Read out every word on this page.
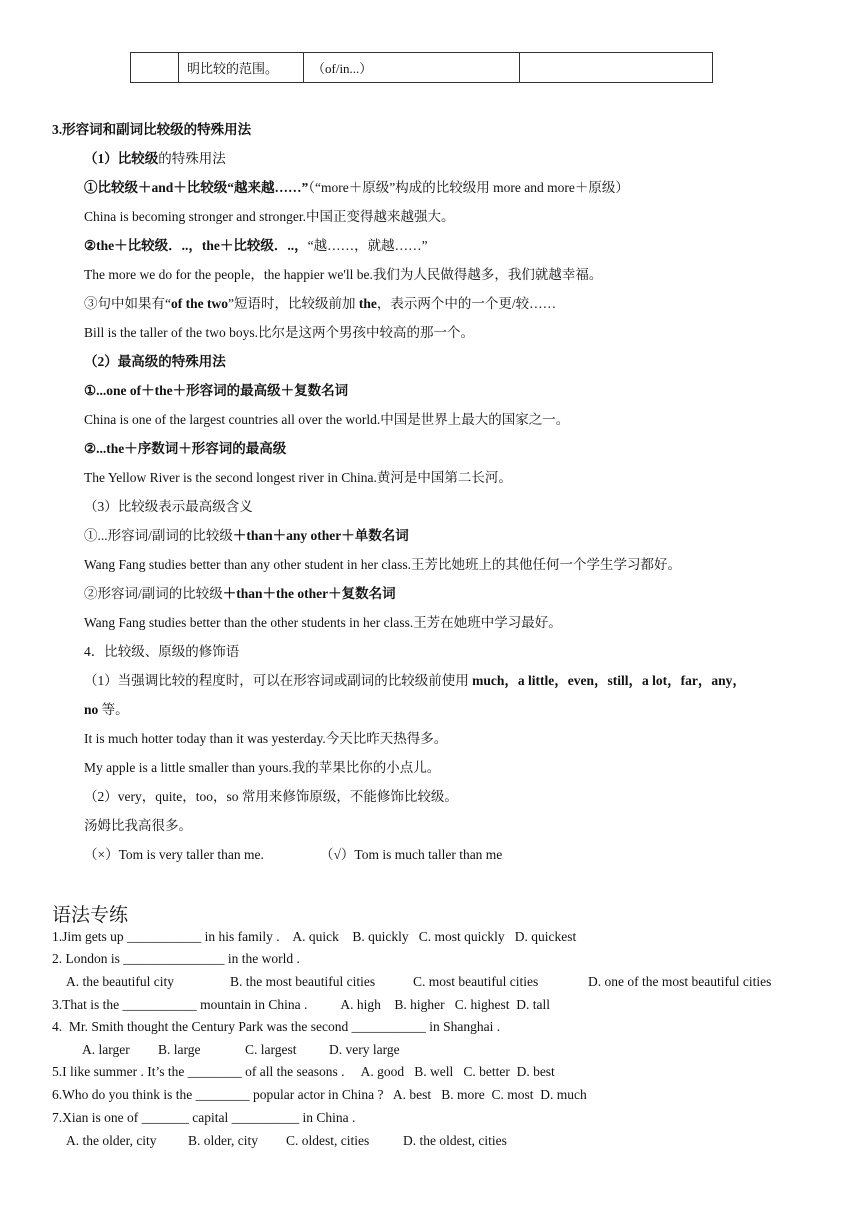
	明比较的范围。	（of/in...）	
3.形容词和副词比较级的特殊用法
（1）比较级的特殊用法
①比较级＋and＋比较级“越来越……”（“more＋原级”构成的比较级用 more and more＋原级）
China is becoming stronger and stronger.中国正变得越来越强大。
②the＋比较级．..，the＋比较级．..，“越……，就越……”
The more we do for the people，the happier we'll be.我们为人民做得越多，我们就越幸福。
③句中如果有“of the two”短语时，比较级前加 the，表示两个中的一个更/较……
Bill is the taller of the two boys.比尔是这两个男孩中较高的那一个。
（2）最高级的特殊用法
①...one of＋the＋形容词的最高级＋复数名词
China is one of the largest countries all over the world.中国是世界上最大的国家之一。
②...the＋序数词＋形容词的最高级
The Yellow River is the second longest river in China.黄河是中国第二长河。
（3）比较级表示最高级含义
①...形容词/副词的比较级＋than＋any other＋单数名词
Wang Fang studies better than any other student in her class.王芳比她班上的其他任何一个学生学习都好。
②形容词/副词的比较级＋than＋the other＋复数名词
Wang Fang studies better than the other students in her class.王芳在她班中学习最好。
4．比较级、原级的修饰语
（1）当强调比较的程度时，可以在形容词或副词的比较级前使用 much，a little，even，still，a lot，far，any，
no 等。
It is much hotter today than it was yesterday.今天比昨天热得多。
My apple is a little smaller than yours.我的苹果比你的小点儿。
（2）very，quite，too，so 常用来修饰原级，不能修饰比较级。
汤姆比我高很多。
（×）Tom is very taller than me.	（√）Tom is much taller than me
语法专练
1.Jim gets up ___________ in his family .    A. quick    B. quickly   C. most quickly   D. quickest
2. London is _______________ in the world .
A. the beautiful city	B. the most beautiful cities	C. most beautiful cities	D. one of the most beautiful cities
3.That is the ___________ mountain in China .          A. high    B. higher   C. highest  D. tall
4.  Mr. Smith thought the Century Park was the second ___________ in Shanghai .
A. larger B. large	C. largest D. very large
5.I like summer . It’s the ________ of all the seasons .     A. good   B. well   C. better  D. best
6.Who do you think is the ________ popular actor in China ?   A. best   B. more  C. most  D. much
7.Xian is one of _______ capital __________ in China .
A. the older, city B. older, city C. oldest, cities	D. the oldest, cities
